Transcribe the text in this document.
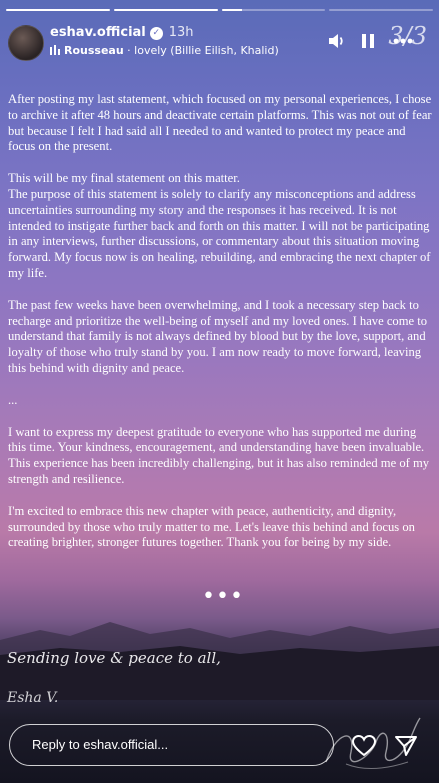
eshav.official ✓ 13h
Rousseau · lovely (Billie Eilish, Khalid)
3/3

After posting my last statement, which focused on my personal experiences, I chose to archive it after 48 hours and deactivate certain platforms. This was not out of fear but because I felt I had said all I needed to and wanted to protect my peace and focus on the present.

This will be my final statement on this matter.

The purpose of this statement is solely to clarify any misconceptions and address uncertainties surrounding my story and the responses it has received. It is not intended to instigate further back and forth on this matter. I will not be participating in any interviews, further discussions, or commentary about this situation moving forward. My focus now is on healing, rebuilding, and embracing the next chapter of my life.

The past few weeks have been overwhelming, and I took a necessary step back to recharge and prioritize the well-being of myself and my loved ones. I have come to understand that family is not always defined by blood but by the love, support, and loyalty of those who truly stand by you. I am now ready to move forward, leaving this behind with dignity and peace.

...

I want to express my deepest gratitude to everyone who has supported me during this time. Your kindness, encouragement, and understanding have been invaluable. This experience has been incredibly challenging, but it has also reminded me of my strength and resilience.

I'm excited to embrace this new chapter with peace, authenticity, and dignity, surrounded by those who truly matter to me. Let's leave this behind and focus on creating brighter, stronger futures together. Thank you for being by my side.

•••
Sending love & peace to all,
Esha V.
Reply to eshav.official...
